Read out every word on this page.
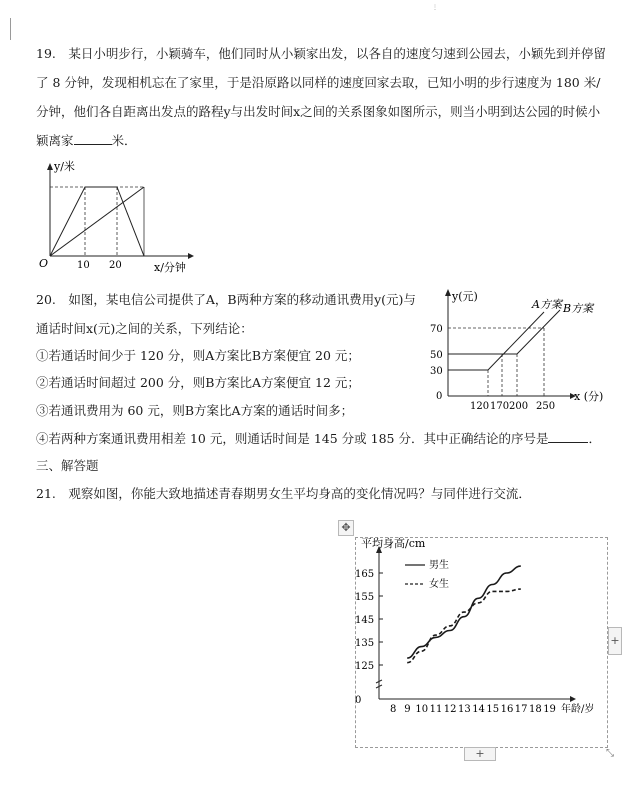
⋮
19.　某日小明步行，小颖骑车，他们同时从小颖家出发，以各自的速度匀速到公园去，小颖先到并停留
了 8 分钟，发现相机忘在了家里，于是沿原路以同样的速度回家去取，已知小明的步行速度为 180 米/
分钟，他们各自距离出发点的路程y与出发时间x之间的关系图象如图所示，则当小明到达公园的时候小
颖离家	米．
y/米
O	10 20	x/分钟
20.　如图，某电信公司提供了A，B两种方案的移动通讯费用y(元)与
通话时间x(元)之间的关系，下列结论：
①若通话时间少于 120 分，则A方案比B方案便宜 20 元；
②若通话时间超过 200 分，则B方案比A方案便宜 12 元；
③若通讯费用为 60 元，则B方案比A方案的通话时间多；
④若两种方案通讯费用相差 10 元，则通话时间是 145 分或 185 分．其中正确结论的序号是	．
y(元)
A方案 B方案
70
50
30
0
120 170 200 250
x (分)
三、解答题
21.　观察如图，你能大致地描述青春期男女生平均身高的变化情况吗？与同伴进行交流．
✥
+
+	⤡
平均身高/cm
年龄/岁
男生
女生
165
155
145
135
125
0
8 9 10 11 12 13 14 15 16 17 18 19
